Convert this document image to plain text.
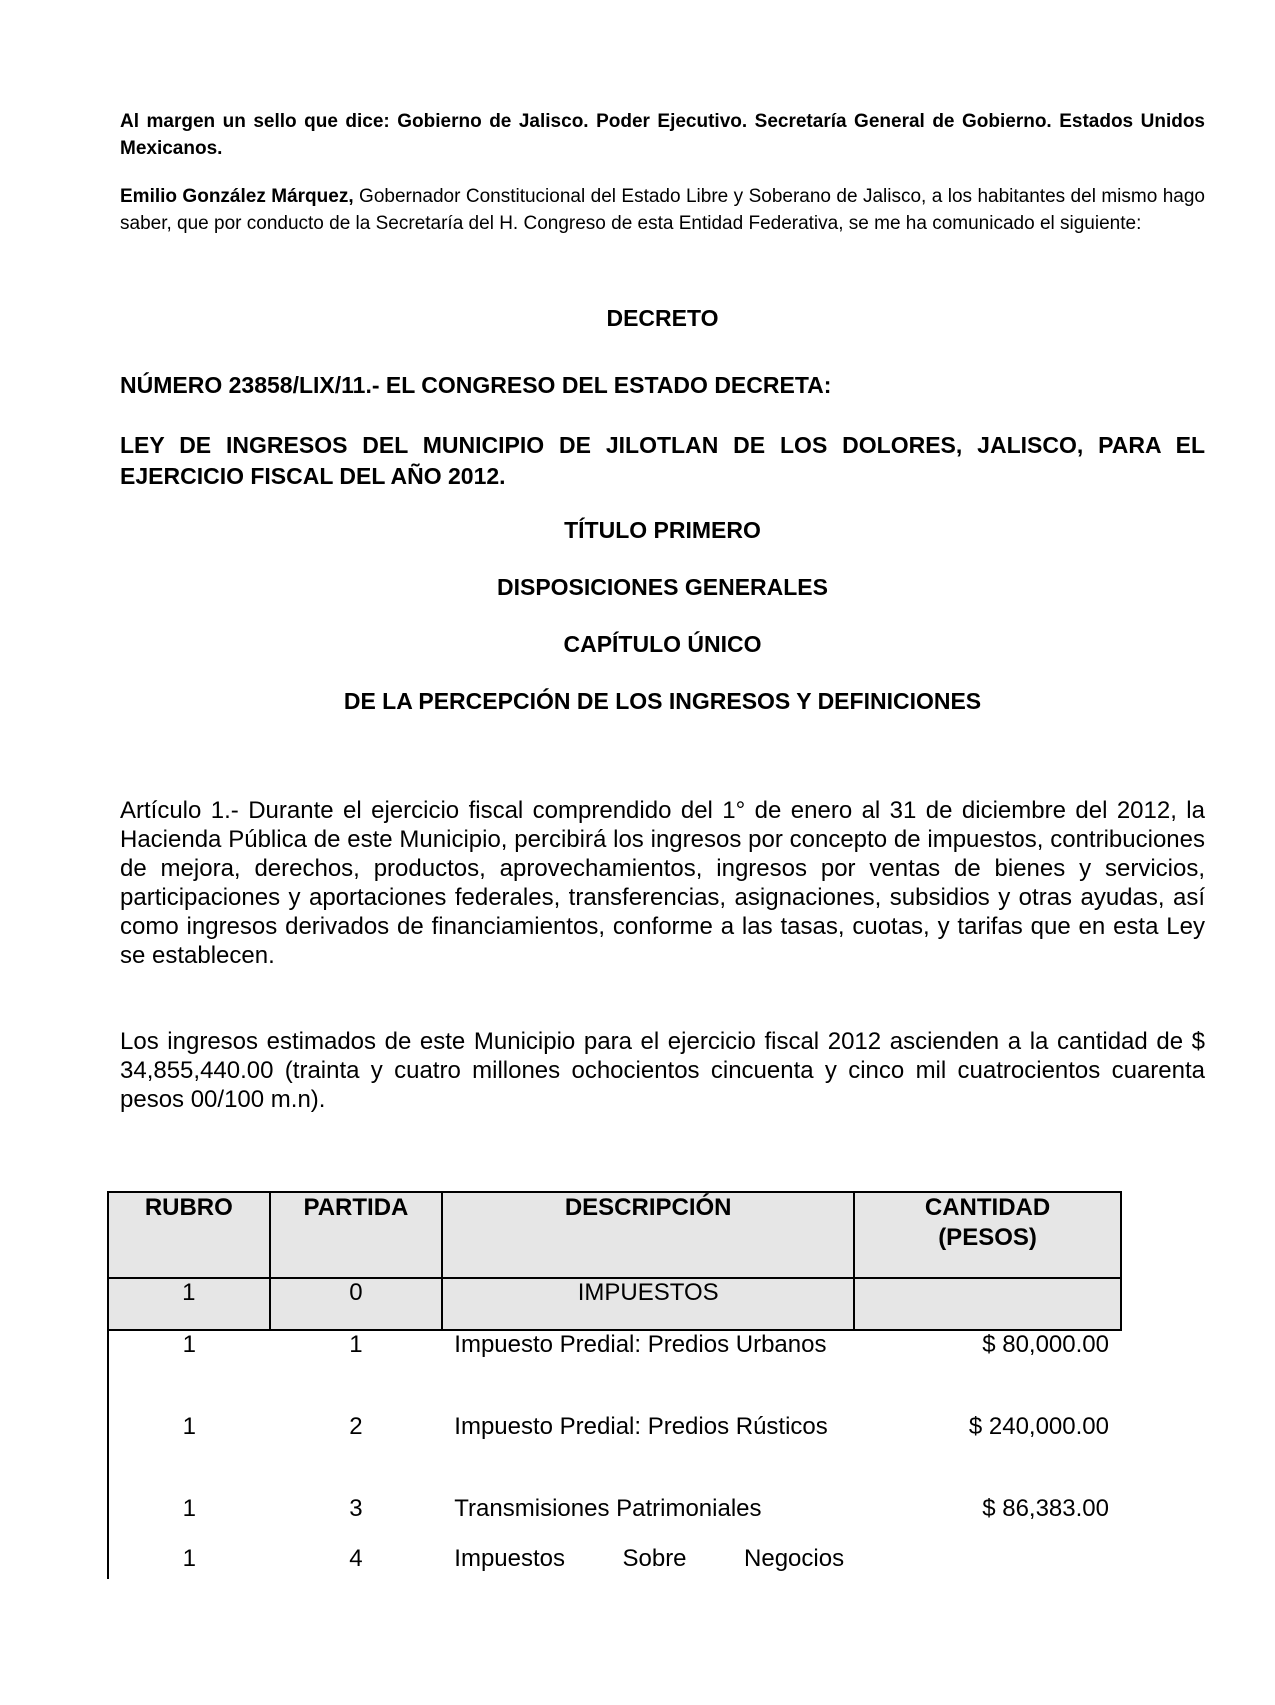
Al margen un sello que dice: Gobierno de Jalisco. Poder Ejecutivo. Secretaría General de Gobierno. Estados Unidos Mexicanos.

Emilio González Márquez, Gobernador Constitucional del Estado Libre y Soberano de Jalisco, a los habitantes del mismo hago saber, que por conducto de la Secretaría del H. Congreso de esta Entidad Federativa, se me ha comunicado el siguiente:

DECRETO
NÚMERO 23858/LIX/11.- EL CONGRESO DEL ESTADO DECRETA:
LEY DE INGRESOS DEL MUNICIPIO DE JILOTLAN DE LOS DOLORES, JALISCO, PARA EL EJERCICIO FISCAL DEL AÑO 2012.
TÍTULO PRIMERO
DISPOSICIONES GENERALES
CAPÍTULO ÚNICO
DE LA PERCEPCIÓN DE LOS INGRESOS Y DEFINICIONES

Artículo 1.- Durante el ejercicio fiscal comprendido del 1° de enero al 31 de diciembre del 2012, la Hacienda Pública de este Municipio, percibirá los ingresos por concepto de impuestos, contribuciones de mejora, derechos, productos, aprovechamientos, ingresos por ventas de bienes y servicios, participaciones y aportaciones federales, transferencias, asignaciones, subsidios y otras ayudas, así como ingresos derivados de financiamientos, conforme a las tasas, cuotas, y tarifas que en esta Ley se establecen.

Los ingresos estimados de este Municipio para el ejercicio fiscal 2012 ascienden a la cantidad de $ 34,855,440.00 (trainta y cuatro millones ochocientos cincuenta y cinco mil cuatrocientos cuarenta pesos 00/100 m.n).

RUBRO	PARTIDA	DESCRIPCIÓN	CANTIDAD (PESOS)
1	0	IMPUESTOS	
1	1	Impuesto Predial: Predios Urbanos	$ 80,000.00
1	2	Impuesto Predial: Predios Rústicos	$ 240,000.00
1	3	Transmisiones Patrimoniales	$ 86,383.00
1	4	Impuestos Sobre Negocios	
